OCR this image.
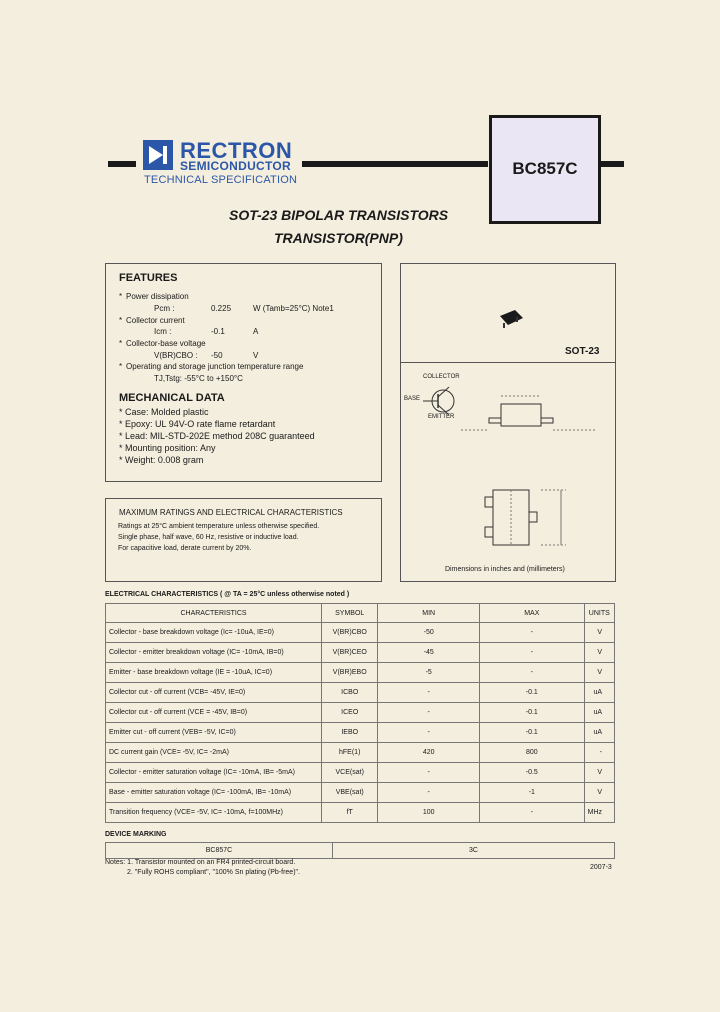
RECTRON
SEMICONDUCTOR
TECHNICAL SPECIFICATION
BC857C
SOT-23 BIPOLAR TRANSISTORS
TRANSISTOR(PNP)
FEATURES
Power dissipation
Pcm :	0.225	W (Tamb=25°C) Note1
Collector current
Icm :	-0.1	A
Collector-base voltage
V(BR)CBO : -50	V
Operating and storage junction temperature range
TJ,Tstg: -55°C to +150°C
*
*
*
*
MECHANICAL DATA
* Case: Molded plastic
* Epoxy: UL 94V-O rate flame retardant
* Lead: MIL-STD-202E method 208C guaranteed
* Mounting position: Any
* Weight: 0.008 gram
MAXIMUM RATINGS AND ELECTRICAL CHARACTERISTICS
Ratings at 25°C ambient temperature unless otherwise specified.
Single phase, half wave, 60 Hz, resistive or inductive load.
For capacitive load, derate current by 20%.
SOT-23
COLLECTOR
BASE
EMITTER
Dimensions in inches and (millimeters)
ELECTRICAL CHARACTERISTICS ( @ TA = 25°C unless otherwise noted )
CHARACTERISTICS	SYMBOL	MIN	MAX	UNITS
Collector - base breakdown voltage (Ic= -10uA, IE=0)	V(BR)CBO	-50	-	V
Collector - emitter breakdown voltage (IC= -10mA, IB=0)	V(BR)CEO	-45	-	V
Emitter - base breakdown voltage (IE = -10uA, IC=0)	V(BR)EBO	-5	-	V
Collector cut - off current (VCB= -45V, IE=0)	ICBO	-	-0.1	uA
Collector cut - off current (VCE = -45V, IB=0)	ICEO	-	-0.1	uA
Emitter cut - off current (VEB= -5V, IC=0)	IEBO	-	-0.1	uA
DC current gain (VCE= -5V, IC= -2mA)	hFE(1)	420	800	-
Collector - emitter saturation voltage (IC= -10mA, IB= -5mA)	VCE(sat)	-	-0.5	V
Base - emitter saturation voltage (IC= -100mA, IB= -10mA)	VBE(sat)	-	-1	V
Transition frequency (VCE= -5V, IC= -10mA, f=100MHz)	fT	100	-	MHz
DEVICE MARKING
BC857C	3C
Notes: 1. Transistor mounted on an FR4 printed-circuit board.
2. "Fully ROHS compliant", "100% Sn plating (Pb-free)".
2007-3
